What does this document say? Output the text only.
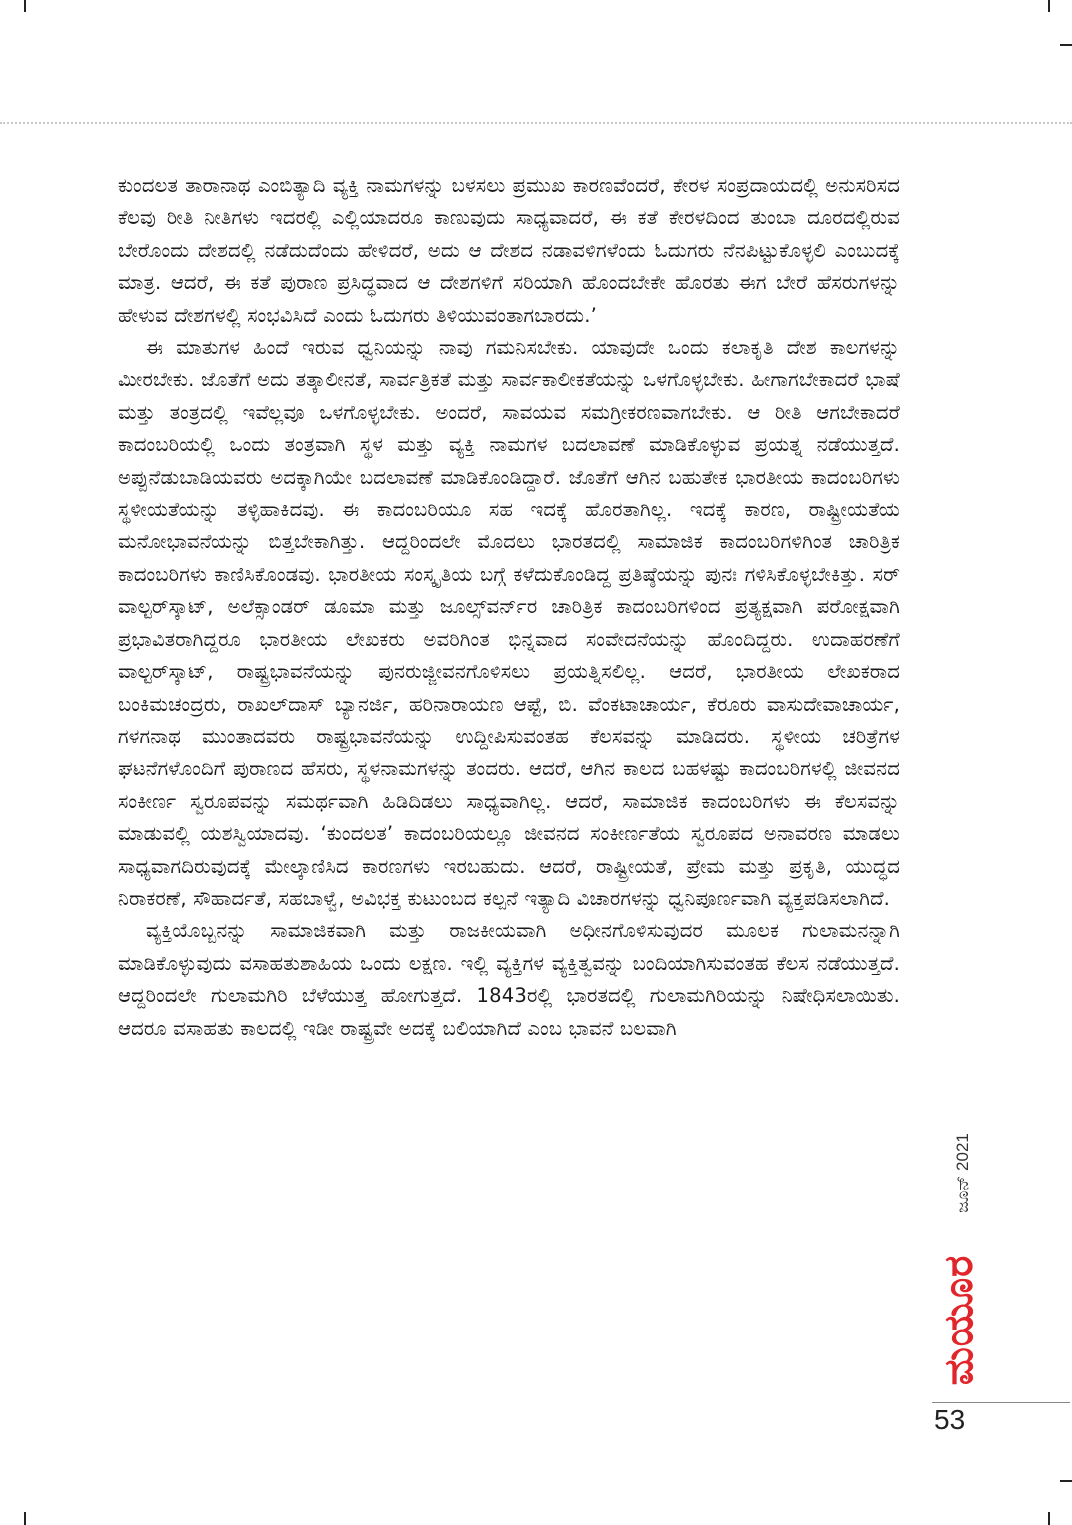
ಕುಂದಲತ ತಾರಾನಾಥ ಎಂಬಿತ್ಯಾದಿ ವ್ಯಕ್ತಿ ನಾಮಗಳನ್ನು ಬಳಸಲು ಪ್ರಮುಖ ಕಾರಣವೆಂದರೆ, ಕೇರಳ ಸಂಪ್ರದಾಯದಲ್ಲಿ ಅನುಸರಿಸದ ಕೆಲವು ರೀತಿ ನೀತಿಗಳು ಇದರಲ್ಲಿ ಎಲ್ಲಿಯಾದರೂ ಕಾಣುವುದು ಸಾಧ್ಯವಾದರೆ, ಈ ಕತೆ ಕೇರಳದಿಂದ ತುಂಬಾ ದೂರದಲ್ಲಿರುವ ಬೇರೊಂದು ದೇಶದಲ್ಲಿ ನಡೆದುದೆಂದು ಹೇಳಿದರೆ, ಅದು ಆ ದೇಶದ ನಡಾವಳಿಗಳೆಂದು ಓದುಗರು ನೆನಪಿಟ್ಟುಕೊಳ್ಳಲಿ ಎಂಬುದಕ್ಕೆ ಮಾತ್ರ. ಆದರೆ, ಈ ಕತೆ ಪುರಾಣ ಪ್ರಸಿದ್ಧವಾದ ಆ ದೇಶಗಳಿಗೆ ಸರಿಯಾಗಿ ಹೊಂದಬೇಕೇ ಹೊರತು ಈಗ ಬೇರೆ ಹೆಸರುಗಳನ್ನು ಹೇಳುವ ದೇಶಗಳಲ್ಲಿ ಸಂಭವಿಸಿದೆ ಎಂದು ಓದುಗರು ತಿಳಿಯುವಂತಾಗಬಾರದು.’

ಈ ಮಾತುಗಳ ಹಿಂದೆ ಇರುವ ಧ್ವನಿಯನ್ನು ನಾವು ಗಮನಿಸಬೇಕು. ಯಾವುದೇ ಒಂದು ಕಲಾಕೃತಿ ದೇಶ ಕಾಲಗಳನ್ನು ಮೀರಬೇಕು. ಜೊತೆಗೆ ಅದು ತತ್ಕಾಲೀನತೆ, ಸಾರ್ವತ್ರಿಕತೆ ಮತ್ತು ಸಾರ್ವಕಾಲೀಕತೆಯನ್ನು ಒಳಗೊಳ್ಳಬೇಕು. ಹೀಗಾಗಬೇಕಾದರೆ ಭಾಷೆ ಮತ್ತು ತಂತ್ರದಲ್ಲಿ ಇವೆಲ್ಲವೂ ಒಳಗೊಳ್ಳಬೇಕು. ಅಂದರೆ, ಸಾವಯವ ಸಮಗ್ರೀಕರಣವಾಗಬೇಕು. ಆ ರೀತಿ ಆಗಬೇಕಾದರೆ ಕಾದಂಬರಿಯಲ್ಲಿ ಒಂದು ತಂತ್ರವಾಗಿ ಸ್ಥಳ ಮತ್ತು ವ್ಯಕ್ತಿ ನಾಮಗಳ ಬದಲಾವಣೆ ಮಾಡಿಕೊಳ್ಳುವ ಪ್ರಯತ್ನ ನಡೆಯುತ್ತದೆ. ಅಪ್ಪುನೆಡುಬಾಡಿಯವರು ಅದಕ್ಕಾಗಿಯೇ ಬದಲಾವಣೆ ಮಾಡಿಕೊಂಡಿದ್ದಾರೆ. ಜೊತೆಗೆ ಆಗಿನ ಬಹುತೇಕ ಭಾರತೀಯ ಕಾದಂಬರಿಗಳು ಸ್ಥಳೀಯತೆಯನ್ನು ತಳ್ಳಿಹಾಕಿದವು. ಈ ಕಾದಂಬರಿಯೂ ಸಹ ಇದಕ್ಕೆ ಹೊರತಾಗಿಲ್ಲ. ಇದಕ್ಕೆ ಕಾರಣ, ರಾಷ್ಟ್ರೀಯತೆಯ ಮನೋಭಾವನೆಯನ್ನು ಬಿತ್ತಬೇಕಾಗಿತ್ತು. ಆದ್ದರಿಂದಲೇ ಮೊದಲು ಭಾರತದಲ್ಲಿ ಸಾಮಾಜಿಕ ಕಾದಂಬರಿಗಳಿಗಿಂತ ಚಾರಿತ್ರಿಕ ಕಾದಂಬರಿಗಳು ಕಾಣಿಸಿಕೊಂಡವು. ಭಾರತೀಯ ಸಂಸ್ಕೃತಿಯ ಬಗ್ಗೆ ಕಳೆದುಕೊಂಡಿದ್ದ ಪ್ರತಿಷ್ಠೆಯನ್ನು ಪುನಃ ಗಳಿಸಿಕೊಳ್ಳಬೇಕಿತ್ತು. ಸರ್ ವಾಲ್ಟರ್‌ಸ್ಕಾಟ್, ಅಲೆಕ್ಸಾಂಡರ್ ಡೂಮಾ ಮತ್ತು ಜೂಲ್ಸ್‌ವರ್ನ್‌ರ ಚಾರಿತ್ರಿಕ ಕಾದಂಬರಿಗಳಿಂದ ಪ್ರತ್ಯಕ್ಷವಾಗಿ ಪರೋಕ್ಷವಾಗಿ ಪ್ರಭಾವಿತರಾಗಿದ್ದರೂ ಭಾರತೀಯ ಲೇಖಕರು ಅವರಿಗಿಂತ ಭಿನ್ನವಾದ ಸಂವೇದನೆಯನ್ನು ಹೊಂದಿದ್ದರು. ಉದಾಹರಣೆಗೆ ವಾಲ್ಟರ್‌ಸ್ಕಾಟ್, ರಾಷ್ಟ್ರಭಾವನೆಯನ್ನು ಪುನರುಜ್ಜೀವನಗೊಳಿಸಲು ಪ್ರಯತ್ನಿಸಲಿಲ್ಲ. ಆದರೆ, ಭಾರತೀಯ ಲೇಖಕರಾದ ಬಂಕಿಮಚಂದ್ರರು, ರಾಖಲ್‌ದಾಸ್ ಬ್ಯಾನರ್ಜಿ, ಹರಿನಾರಾಯಣ ಆಪ್ಟೆ, ಬಿ. ವೆಂಕಟಾಚಾರ್ಯ, ಕೆರೂರು ವಾಸುದೇವಾಚಾರ್ಯ, ಗಳಗನಾಥ ಮುಂತಾದವರು ರಾಷ್ಟ್ರಭಾವನೆಯನ್ನು ಉದ್ದೀಪಿಸುವಂತಹ ಕೆಲಸವನ್ನು ಮಾಡಿದರು. ಸ್ಥಳೀಯ ಚರಿತ್ರೆಗಳ ಘಟನೆಗಳೊಂದಿಗೆ ಪುರಾಣದ ಹೆಸರು, ಸ್ಥಳನಾಮಗಳನ್ನು ತಂದರು. ಆದರೆ, ಆಗಿನ ಕಾಲದ ಬಹಳಷ್ಟು ಕಾದಂಬರಿಗಳಲ್ಲಿ ಜೀವನದ ಸಂಕೀರ್ಣ ಸ್ವರೂಪವನ್ನು ಸಮರ್ಥವಾಗಿ ಹಿಡಿದಿಡಲು ಸಾಧ್ಯವಾಗಿಲ್ಲ. ಆದರೆ, ಸಾಮಾಜಿಕ ಕಾದಂಬರಿಗಳು ಈ ಕೆಲಸವನ್ನು ಮಾಡುವಲ್ಲಿ ಯಶಸ್ವಿಯಾದವು. ‘ಕುಂದಲತ’ ಕಾದಂಬರಿಯಲ್ಲೂ ಜೀವನದ ಸಂಕೀರ್ಣತೆಯ ಸ್ವರೂಪದ ಅನಾವರಣ ಮಾಡಲು ಸಾಧ್ಯವಾಗದಿರುವುದಕ್ಕೆ ಮೇಲ್ಕಾಣಿಸಿದ ಕಾರಣಗಳು ಇರಬಹುದು. ಆದರೆ, ರಾಷ್ಟ್ರೀಯತೆ, ಪ್ರೇಮ ಮತ್ತು ಪ್ರಕೃತಿ, ಯುದ್ಧದ ನಿರಾಕರಣೆ, ಸೌಹಾರ್ದತೆ, ಸಹಬಾಳ್ವೆ, ಅವಿಭಕ್ತ ಕುಟುಂಬದ ಕಲ್ಪನೆ ಇತ್ಯಾದಿ ವಿಚಾರಗಳನ್ನು ಧ್ವನಿಪೂರ್ಣವಾಗಿ ವ್ಯಕ್ತಪಡಿಸಲಾಗಿದೆ.

ವ್ಯಕ್ತಿಯೊಬ್ಬನನ್ನು ಸಾಮಾಜಿಕವಾಗಿ ಮತ್ತು ರಾಜಕೀಯವಾಗಿ ಅಧೀನಗೊಳಿಸುವುದರ ಮೂಲಕ ಗುಲಾಮನನ್ನಾಗಿ ಮಾಡಿಕೊಳ್ಳುವುದು ವಸಾಹತುಶಾಹಿಯ ಒಂದು ಲಕ್ಷಣ. ಇಲ್ಲಿ ವ್ಯಕ್ತಿಗಳ ವ್ಯಕ್ತಿತ್ವವನ್ನು ಬಂದಿಯಾಗಿಸುವಂತಹ ಕೆಲಸ ನಡೆಯುತ್ತದೆ. ಆದ್ದರಿಂದಲೇ ಗುಲಾಮಗಿರಿ ಬೆಳೆಯುತ್ತ ಹೋಗುತ್ತದೆ. 1843ರಲ್ಲಿ ಭಾರತದಲ್ಲಿ ಗುಲಾಮಗಿರಿಯನ್ನು ನಿಷೇಧಿಸಲಾಯಿತು. ಆದರೂ ವಸಾಹತು ಕಾಲದಲ್ಲಿ ಇಡೀ ರಾಷ್ಟ್ರವೇ ಅದಕ್ಕೆ ಬಲಿಯಾಗಿದೆ ಎಂಬ ಭಾವನೆ ಬಲವಾಗಿ

ಜೂನ್ 2021
ಮಯೂರ
53
